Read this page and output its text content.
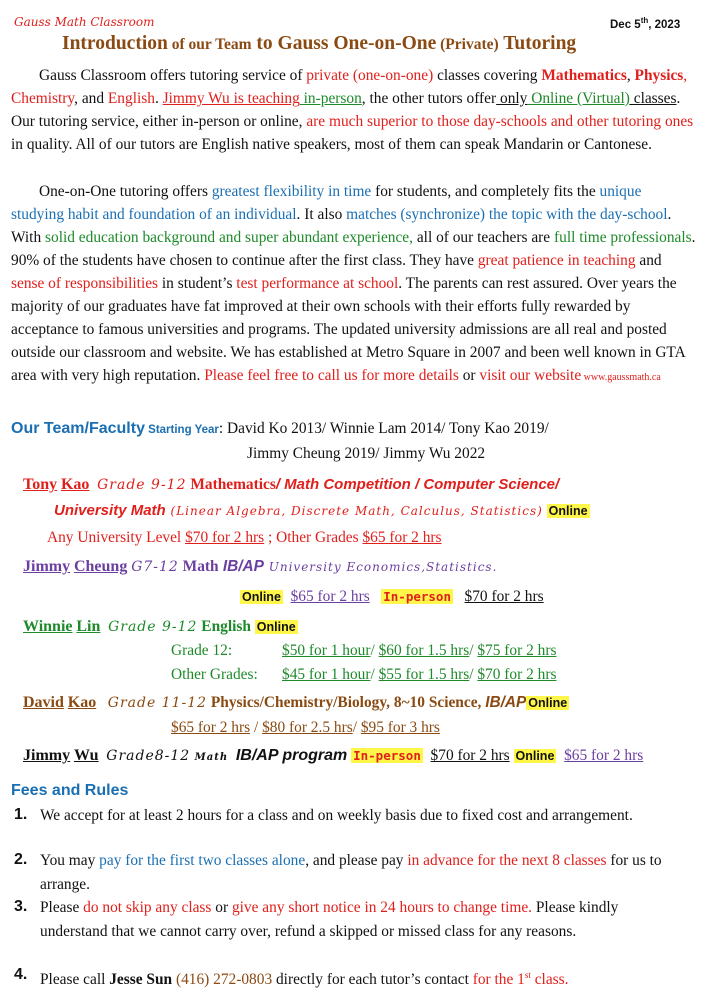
Gauss Math Classroom	Dec 5th, 2023
Introduction of our Team to Gauss One-on-One (Private) Tutoring
Gauss Classroom offers tutoring service of private (one-on-one) classes covering Mathematics, Physics, Chemistry, and English. Jimmy Wu is teaching in-person, the other tutors offer only Online (Virtual) classes. Our tutoring service, either in-person or online, are much superior to those day-schools and other tutoring ones in quality. All of our tutors are English native speakers, most of them can speak Mandarin or Cantonese.
One-on-One tutoring offers greatest flexibility in time for students, and completely fits the unique studying habit and foundation of an individual. It also matches (synchronize) the topic with the day-school. With solid education background and super abundant experience, all of our teachers are full time professionals. 90% of the students have chosen to continue after the first class. They have great patience in teaching and sense of responsibilities in student’s test performance at school. The parents can rest assured. Over years the majority of our graduates have fat improved at their own schools with their efforts fully rewarded by acceptance to famous universities and programs. The updated university admissions are all real and posted outside our classroom and website. We has established at Metro Square in 2007 and been well known in GTA area with very high reputation. Please feel free to call us for more details or visit our website www.gaussmath.ca
Our Team/Faculty Starting Year: David Ko 2013/ Winnie Lam 2014/ Tony Kao 2019/
Jimmy Cheung 2019/ Jimmy Wu 2022
Tony Kao Grade 9-12 Mathematics/ Math Competition / Computer Science/
University Math (Linear Algebra, Discrete Math, Calculus, Statistics) Online
Any University Level $70 for 2 hrs ; Other Grades $65 for 2 hrs
Jimmy Cheung G7-12 Math IB/AP University Economics,Statistics.
Online $65 for 2 hrs In-person $70 for 2 hrs
Winnie Lin Grade 9-12 English Online
Grade 12:	$50 for 1 hour/ $60 for 1.5 hrs/ $75 for 2 hrs
Other Grades: $45 for 1 hour/ $55 for 1.5 hrs/ $70 for 2 hrs
David Kao Grade 11-12 Physics/Chemistry/Biology, 8~10 Science, IB/AP Online
$65 for 2 hrs / $80 for 2.5 hrs/ $95 for 3 hrs
Jimmy Wu Grade8-12 Math IB/AP program In-person $70 for 2 hrs Online $65 for 2 hrs
Fees and Rules
1. We accept for at least 2 hours for a class and on weekly basis due to fixed cost and arrangement.
2. You may pay for the first two classes alone, and please pay in advance for the next 8 classes for us to arrange.
3. Please do not skip any class or give any short notice in 24 hours to change time. Please kindly understand that we cannot carry over, refund a skipped or missed class for any reasons.
4. Please call Jesse Sun (416) 272-0803 directly for each tutor’s contact for the 1st class.
